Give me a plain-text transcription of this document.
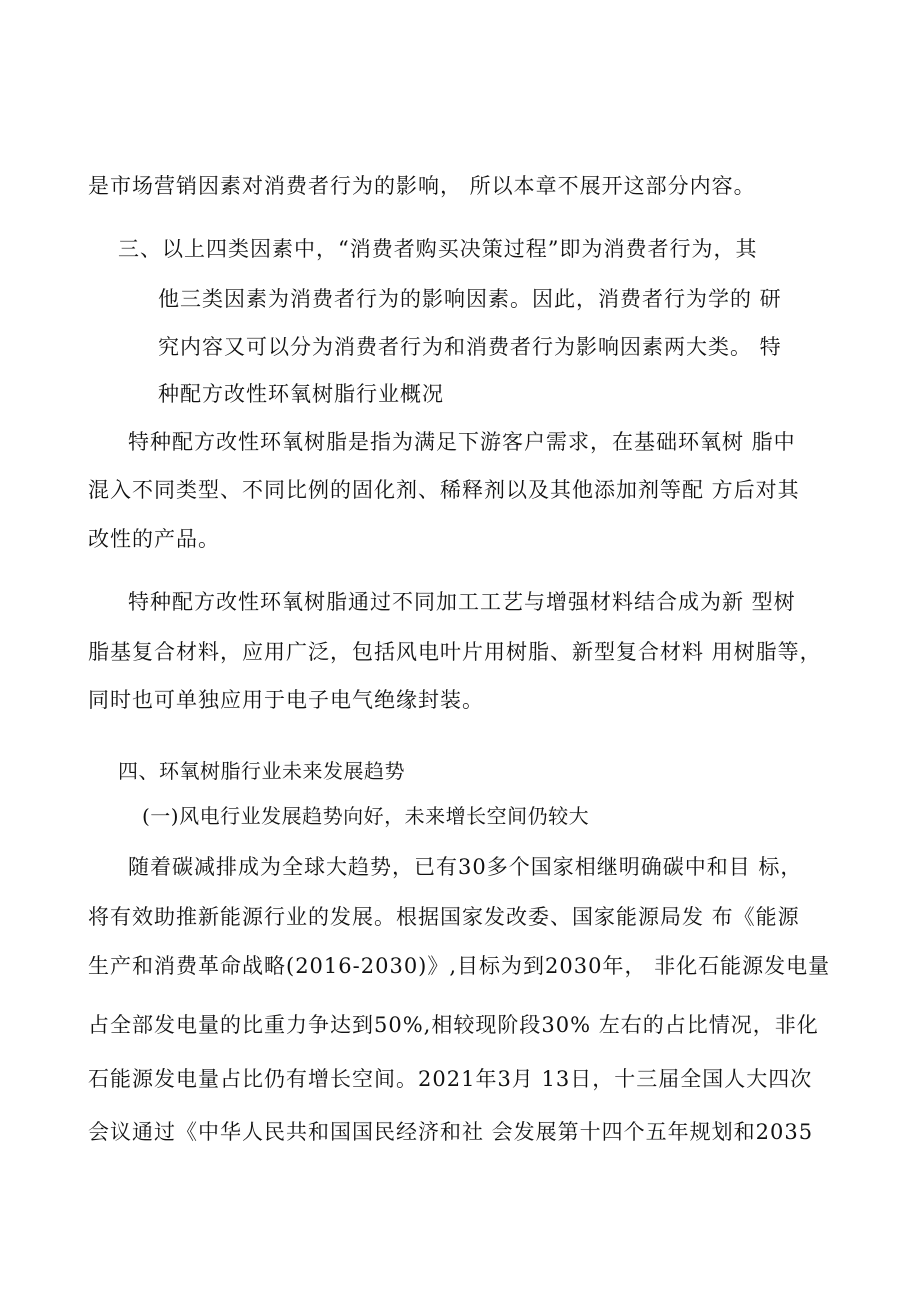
是市场营销因素对消费者行为的影响， 所以本章不展开这部分内容。
三、以上四类因素中，“消费者购买决策过程”即为消费者行为，其
他三类因素为消费者行为的影响因素。因此，消费者行为学的 研
究内容又可以分为消费者行为和消费者行为影响因素两大类。 特
种配方改性环氧树脂行业概况
特种配方改性环氧树脂是指为满足下游客户需求，在基础环氧树 脂中
混入不同类型、不同比例的固化剂、稀释剂以及其他添加剂等配 方后对其
改性的产品。
特种配方改性环氧树脂通过不同加工工艺与增强材料结合成为新 型树
脂基复合材料，应用广泛，包括风电叶片用树脂、新型复合材料 用树脂等，
同时也可单独应用于电子电气绝缘封装。
四、环氧树脂行业未来发展趋势
(一)风电行业发展趋势向好，未来增长空间仍较大
随着碳减排成为全球大趋势，已有30多个国家相继明确碳中和目 标，
将有效助推新能源行业的发展。根据国家发改委、国家能源局发 布《能源
生产和消费革命战略(2016-2030)》,目标为到2030年， 非化石能源发电量
占全部发电量的比重力争达到50%,相较现阶段30% 左右的占比情况，非化
石能源发电量占比仍有增长空间。2021年3月 13日，十三届全国人大四次
会议通过《中华人民共和国国民经济和社 会发展第十四个五年规划和2035
